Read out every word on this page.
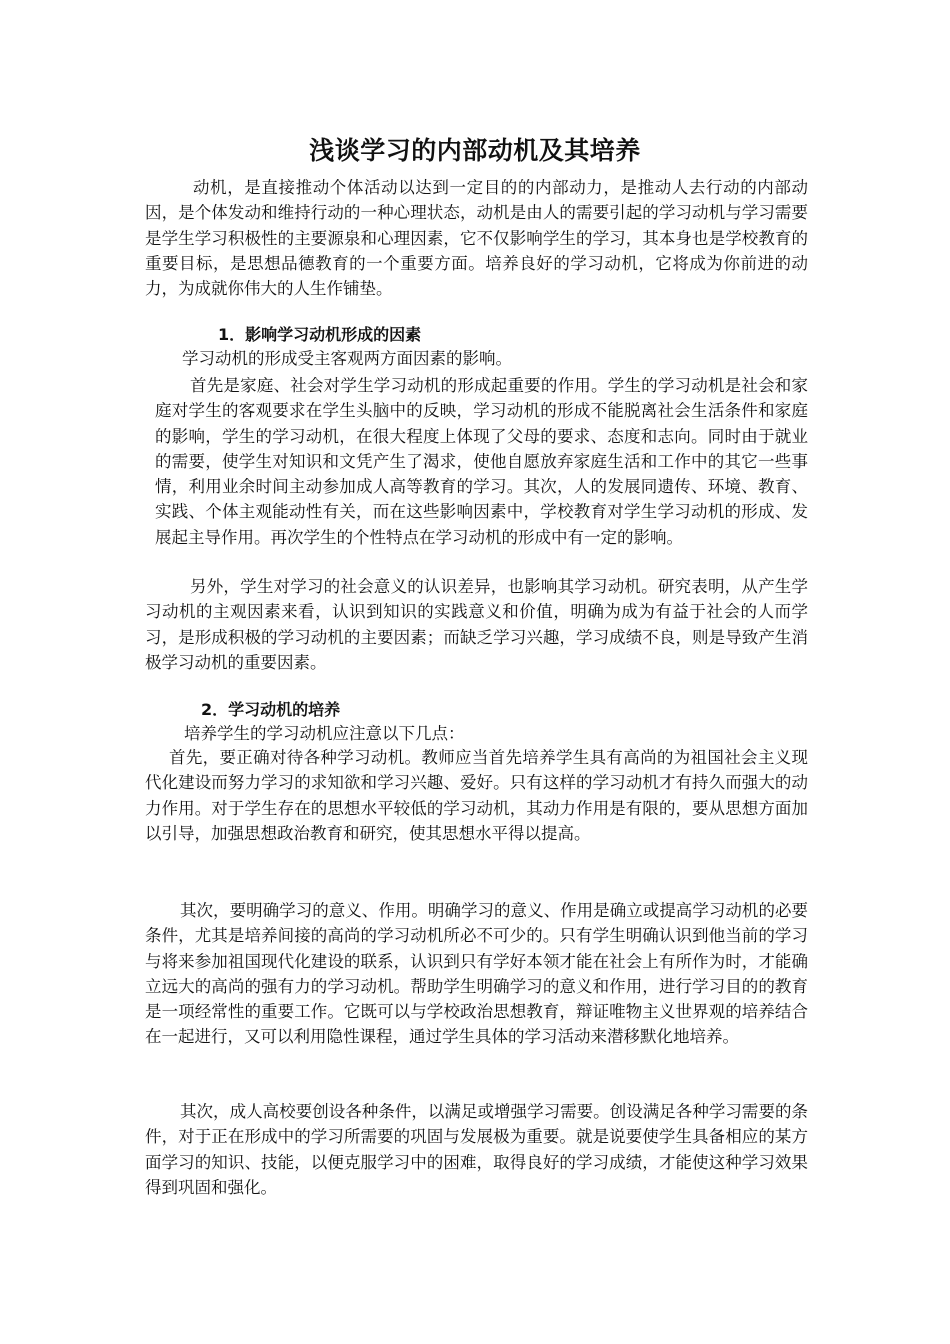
浅谈学习的内部动机及其培养

动机，是直接推动个体活动以达到一定目的的内部动力，是推动人去行动的内部动因，是个体发动和维持行动的一种心理状态，动机是由人的需要引起的学习动机与学习需要是学生学习积极性的主要源泉和心理因素，它不仅影响学生的学习，其本身也是学校教育的重要目标，是思想品德教育的一个重要方面。培养良好的学习动机，它将成为你前进的动力，为成就你伟大的人生作铺垫。

1．影响学习动机形成的因素
学习动机的形成受主客观两方面因素的影响。

首先是家庭、社会对学生学习动机的形成起重要的作用。学生的学习动机是社会和家庭对学生的客观要求在学生头脑中的反映，学习动机的形成不能脱离社会生活条件和家庭的影响，学生的学习动机，在很大程度上体现了父母的要求、态度和志向。同时由于就业的需要，使学生对知识和文凭产生了渴求，使他自愿放弃家庭生活和工作中的其它一些事情，利用业余时间主动参加成人高等教育的学习。其次，人的发展同遗传、环境、教育、实践、个体主观能动性有关，而在这些影响因素中，学校教育对学生学习动机的形成、发展起主导作用。再次学生的个性特点在学习动机的形成中有一定的影响。

另外，学生对学习的社会意义的认识差异，也影响其学习动机。研究表明，从产生学习动机的主观因素来看，认识到知识的实践意义和价值，明确为成为有益于社会的人而学习，是形成积极的学习动机的主要因素；而缺乏学习兴趣，学习成绩不良，则是导致产生消极学习动机的重要因素。

2．学习动机的培养
培养学生的学习动机应注意以下几点：

首先，要正确对待各种学习动机。教师应当首先培养学生具有高尚的为祖国社会主义现代化建设而努力学习的求知欲和学习兴趣、爱好。只有这样的学习动机才有持久而强大的动力作用。对于学生存在的思想水平较低的学习动机，其动力作用是有限的，要从思想方面加以引导，加强思想政治教育和研究，使其思想水平得以提高。

其次，要明确学习的意义、作用。明确学习的意义、作用是确立或提高学习动机的必要条件，尤其是培养间接的高尚的学习动机所必不可少的。只有学生明确认识到他当前的学习与将来参加祖国现代化建设的联系，认识到只有学好本领才能在社会上有所作为时，才能确立远大的高尚的强有力的学习动机。帮助学生明确学习的意义和作用，进行学习目的的教育是一项经常性的重要工作。它既可以与学校政治思想教育，辩证唯物主义世界观的培养结合在一起进行，又可以利用隐性课程，通过学生具体的学习活动来潜移默化地培养。

其次，成人高校要创设各种条件，以满足或增强学习需要。创设满足各种学习需要的条件，对于正在形成中的学习所需要的巩固与发展极为重要。就是说要使学生具备相应的某方面学习的知识、技能，以便克服学习中的困难，取得良好的学习成绩，才能使这种学习效果得到巩固和强化。
